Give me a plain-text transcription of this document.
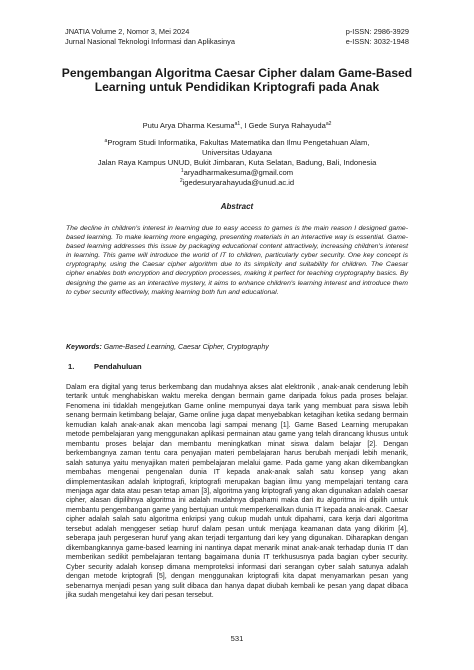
JNATIA Volume 2, Nomor 3, Mei 2024
Jurnal Nasional Teknologi Informasi dan Aplikasinya
p-ISSN: 2986-3929
e-ISSN: 3032-1948
Pengembangan Algoritma Caesar Cipher dalam Game-Based Learning untuk Pendidikan Kriptografi pada Anak
Putu Arya Dharma Kesuma$^{a1}$, I Gede Surya Rahayuda$^{a2}$
$^a$Program Studi Informatika, Fakultas Matematika dan Ilmu Pengetahuan Alam,
Universitas Udayana
Jalan Raya Kampus UNUD, Bukit Jimbaran, Kuta Selatan, Badung, Bali, Indonesia
$^1$aryadharmakesuma@gmail.com
$^2$igedesuryarahayuda@unud.ac.id
Abstract
The decline in children's interest in learning due to easy access to games is the main reason I designed game-based learning. To make learning more engaging, presenting materials in an interactive way is essential. Game-based learning addresses this issue by packaging educational content attractively, increasing children's interest in learning. This game will introduce the world of IT to children, particularly cyber security. One key concept is cryptography, using the Caesar cipher algorithm due to its simplicity and suitability for children. The Caesar cipher enables both encryption and decryption processes, making it perfect for teaching cryptography basics. By designing the game as an interactive mystery, it aims to enhance children's learning interest and introduce them to cyber security effectively, making learning both fun and educational.
Keywords: Game-Based Learning, Caesar Cipher, Cryptography
1.	Pendahuluan
Dalam era digital yang terus berkembang dan mudahnya akses alat elektronik , anak-anak cenderung lebih tertarik untuk menghabiskan waktu mereka dengan bermain game daripada fokus pada proses belajar. Fenomena ini tidaklah mengejutkan Game online mempunyai daya tarik yang membuat para siswa lebih senang bermain ketimbang belajar, Game online juga dapat menyebabkan ketagihan ketika sedang bermain kemudian kalah anak-anak akan mencoba lagi sampai menang [1]. Game Based Learning merupakan metode pembelajaran yang menggunakan aplikasi permainan atau game yang telah dirancang khusus untuk membantu proses belajar dan membantu meningkatkan minat siswa dalam belajar [2]. Dengan berkembangnya zaman tentu cara penyajian materi pembelajaran harus berubah menjadi lebih menarik, salah satunya yaitu menyajikan materi pembelajaran melalui game. Pada game yang akan dikembangkan membahas mengenai pengenalan dunia IT kepada anak-anak salah satu konsep yang akan diimplementasikan adalah kriptografi, kriptografi merupakan bagian ilmu yang mempelajari tentang cara menjaga agar data atau pesan tetap aman [3], algoritma yang kriptografi yang akan digunakan adalah caesar cipher, alasan dipilihnya algoritma ini adalah mudahnya dipahami maka dari itu algoritma ini dipilih untuk membantu pengembangan game yang bertujuan untuk memperkenalkan dunia IT kepada anak-anak. Caesar cipher adalah salah satu algoritma enkripsi yang cukup mudah untuk dipahami, cara kerja dari algoritma tersebut adalah menggeser setiap huruf dalam pesan untuk menjaga keamanan data yang dikirim [4], seberapa jauh pergeseran huruf yang akan terjadi tergantung dari key yang digunakan. Diharapkan dengan dikembangkannya game-based learning ini nantinya dapat menarik minat anak-anak terhadap dunia IT dan memberikan sedikit pembelajaran tentang bagaimana dunia IT terkhususnya pada bagian cyber security. Cyber security adalah konsep dimana memproteksi informasi dari serangan cyber salah satunya adalah dengan metode kriptografi [5], dengan menggunakan kriptografi kita dapat menyamarkan pesan yang sebenarnya menjadi pesan yang sulit dibaca dan hanya dapat diubah kembali ke pesan yang dapat dibaca jika sudah mengetahui key dari pesan tersebut.
531
